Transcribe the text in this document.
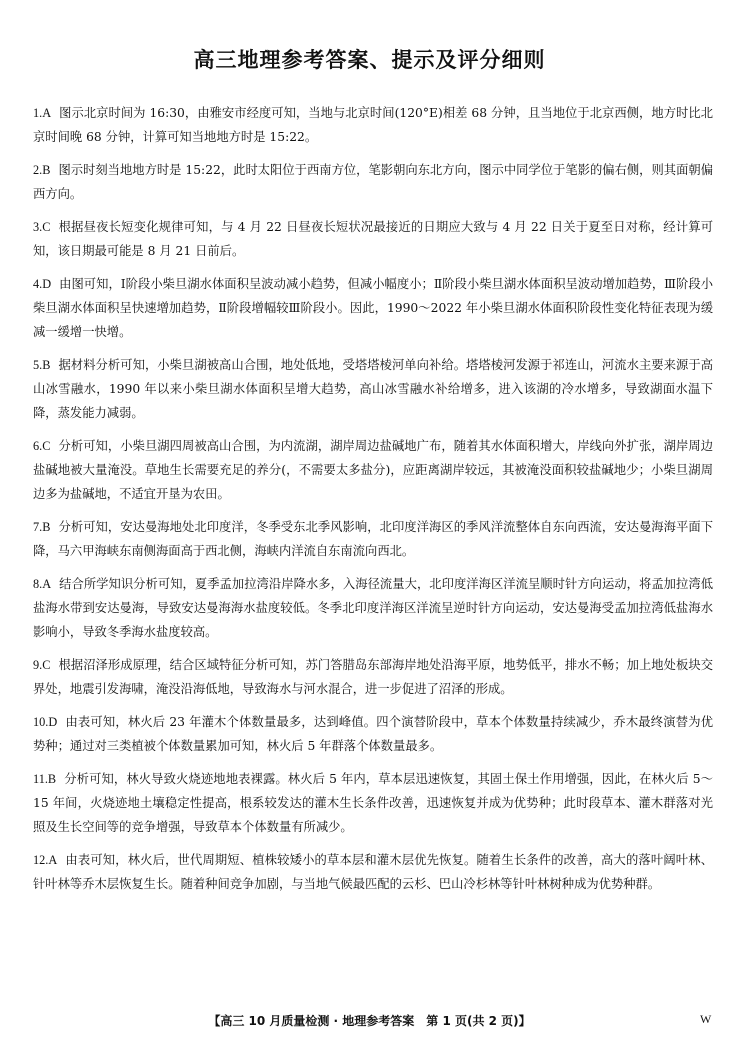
高三地理参考答案、提示及评分细则
1.A 图示北京时间为 16:30，由雅安市经度可知，当地与北京时间(120°E)相差 68 分钟，且当地位于北京西侧，地方时比北京时间晚 68 分钟，计算可知当地地方时是 15:22。
2.B 图示时刻当地地方时是 15:22，此时太阳位于西南方位，笔影朝向东北方向，图示中同学位于笔影的偏右侧，则其面朝偏西方向。
3.C 根据昼夜长短变化规律可知，与 4 月 22 日昼夜长短状况最接近的日期应大致与 4 月 22 日关于夏至日对称，经计算可知，该日期最可能是 8 月 21 日前后。
4.D 由图可知，Ⅰ阶段小柴旦湖水体面积呈波动减小趋势，但减小幅度小；Ⅱ阶段小柴旦湖水体面积呈波动增加趋势，Ⅲ阶段小柴旦湖水体面积呈快速增加趋势，Ⅱ阶段增幅较Ⅲ阶段小。因此，1990～2022 年小柴旦湖水体面积阶段性变化特征表现为缓减一缓增一快增。
5.B 据材料分析可知，小柴旦湖被高山合围，地处低地，受塔塔棱河单向补给。塔塔棱河发源于祁连山，河流水主要来源于高山冰雪融水，1990 年以来小柴旦湖水体面积呈增大趋势，高山冰雪融水补给增多，进入该湖的冷水增多，导致湖面水温下降，蒸发能力减弱。
6.C 分析可知，小柴旦湖四周被高山合围，为内流湖，湖岸周边盐碱地广布，随着其水体面积增大，岸线向外扩张，湖岸周边盐碱地被大量淹没。草地生长需要充足的养分(，不需要太多盐分)，应距离湖岸较远，其被淹没面积较盐碱地少；小柴旦湖周边多为盐碱地，不适宜开垦为农田。
7.B 分析可知，安达曼海地处北印度洋，冬季受东北季风影响，北印度洋海区的季风洋流整体自东向西流，安达曼海海平面下降，马六甲海峡东南侧海面高于西北侧，海峡内洋流自东南流向西北。
8.A 结合所学知识分析可知，夏季孟加拉湾沿岸降水多，入海径流量大，北印度洋海区洋流呈顺时针方向运动，将孟加拉湾低盐海水带到安达曼海，导致安达曼海海水盐度较低。冬季北印度洋海区洋流呈逆时针方向运动，安达曼海受孟加拉湾低盐海水影响小，导致冬季海水盐度较高。
9.C 根据沼泽形成原理，结合区域特征分析可知，苏门答腊岛东部海岸地处沿海平原，地势低平，排水不畅；加上地处板块交界处，地震引发海啸，淹没沿海低地，导致海水与河水混合，进一步促进了沼泽的形成。
10.D 由表可知，林火后 23 年灌木个体数量最多，达到峰值。四个演替阶段中，草本个体数量持续减少，乔木最终演替为优势种；通过对三类植被个体数量累加可知，林火后 5 年群落个体数量最多。
11.B 分析可知，林火导致火烧迹地地表裸露。林火后 5 年内，草本层迅速恢复，其固土保土作用增强，因此，在林火后 5～15 年间，火烧迹地土壤稳定性提高，根系较发达的灌木生长条件改善，迅速恢复并成为优势种；此时段草本、灌木群落对光照及生长空间等的竞争增强，导致草本个体数量有所减少。
12.A 由表可知，林火后，世代周期短、植株较矮小的草本层和灌木层优先恢复。随着生长条件的改善，高大的落叶阔叶林、针叶林等乔木层恢复生长。随着种间竞争加剧，与当地气候最匹配的云杉、巴山冷杉林等针叶林树种成为优势种群。
【高三 10 月质量检测 · 地理参考答案　第 1 页(共 2 页)】	W
